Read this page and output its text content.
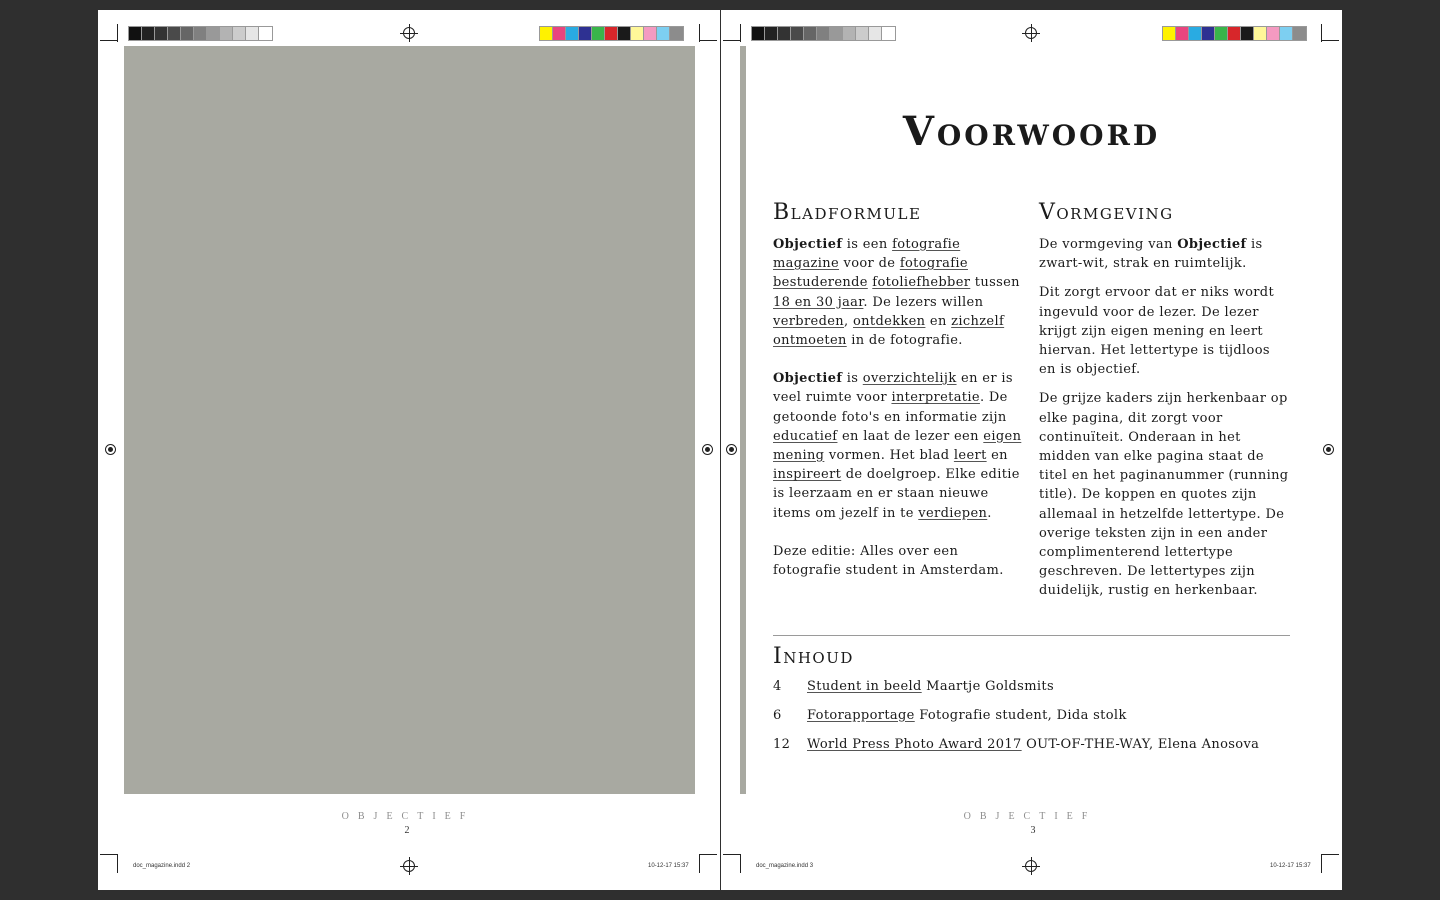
OBJECTIEF
2
doc_magazine.indd 2	10-12-17 15:37
Voorwoord
Bladformule	Vormgeving

Objectief is een fotografie magazine voor de fotografie bestuderende fotoliefhebber tussen 18 en 30 jaar. De lezers willen verbreden, ontdekken en zichzelf ontmoeten in de fotografie.

Objectief is overzichtelijk en er is veel ruimte voor interpretatie. De getoonde foto's en informatie zijn educatief en laat de lezer een eigen mening vormen. Het blad leert en inspireert de doelgroep. Elke editie is leerzaam en er staan nieuwe items om jezelf in te verdiepen.

Deze editie: Alles over een fotografie student in Amsterdam.

De vormgeving van Objectief is zwart-wit, strak en ruimtelijk.

Dit zorgt ervoor dat er niks wordt ingevuld voor de lezer. De lezer krijgt zijn eigen mening en leert hiervan. Het lettertype is tijdloos en is objectief.

De grijze kaders zijn herkenbaar op elke pagina, dit zorgt voor continuïteit. Onderaan in het midden van elke pagina staat de titel en het paginanummer (running title). De koppen en quotes zijn allemaal in hetzelfde lettertype. De overige teksten zijn in een ander complimenterend lettertype geschreven. De lettertypes zijn duidelijk, rustig en herkenbaar.

Inhoud
4 Student in beeld Maartje Goldsmits
6 Fotorapportage Fotografie student, Dida stolk
12 World Press Photo Award 2017 OUT-OF-THE-WAY, Elena Anosova
OBJECTIEF
3
doc_magazine.indd 3	10-12-17 15:37
